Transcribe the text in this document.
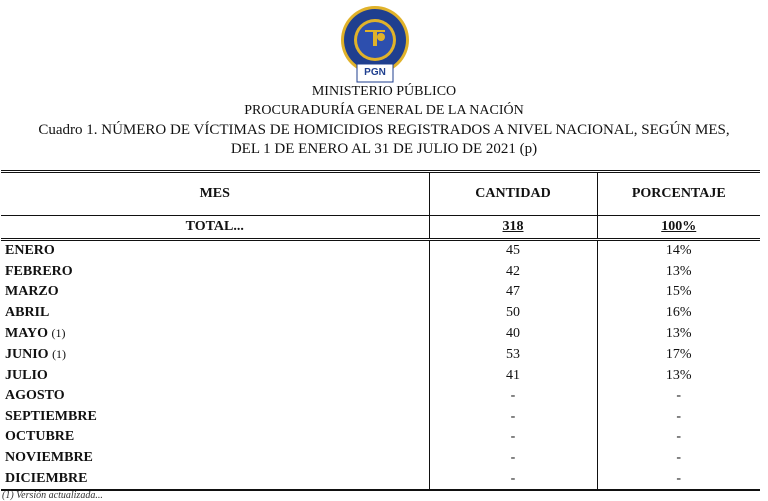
PGN
MINISTERIO PÚBLICO
PROCURADURÍA GENERAL DE LA NACIÓN
Cuadro 1. NÚMERO DE VÍCTIMAS DE HOMICIDIOS REGISTRADOS A NIVEL NACIONAL, SEGÚN MES,
DEL 1 DE ENERO AL 31 DE JULIO DE 2021 (p)
MES	CANTIDAD	PORCENTAJE
TOTAL...	318	100%
ENERO	45	14%
FEBRERO	42	13%
MARZO	47	15%
ABRIL	50	16%
MAYO (1)	40	13%
JUNIO (1)	53	17%
JULIO	41	13%
AGOSTO	-	-
SEPTIEMBRE	-	-
OCTUBRE	-	-
NOVIEMBRE	-	-
DICIEMBRE	-	-
(1) Versión actualizada...
